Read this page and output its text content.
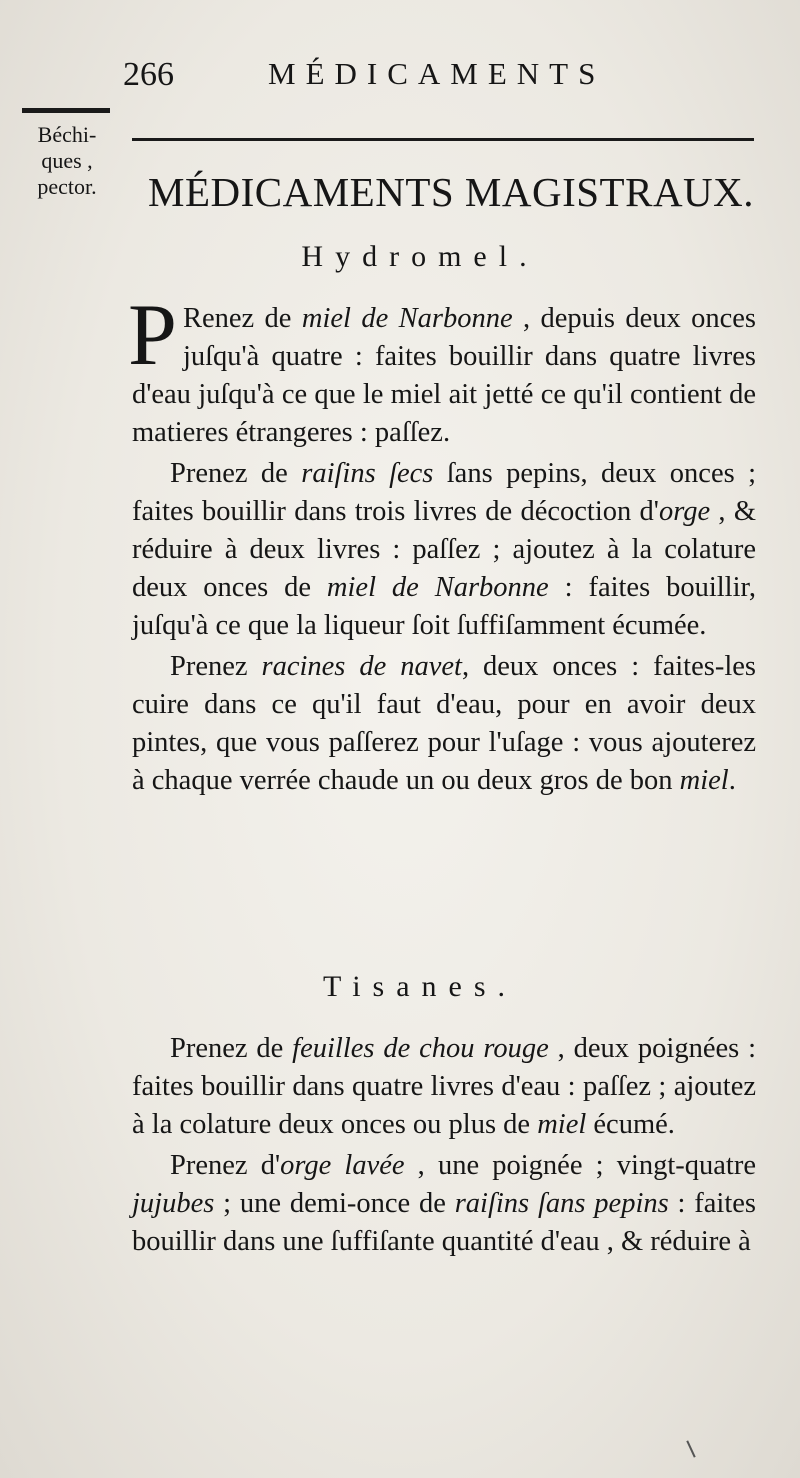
266	MÉDICAMENTS
Béchi-
ques ,
pector.	MÉDICAMENTS MAGISTRAUX.
Hydromel.

P Renez de miel de Narbonne , depuis deux onces juſqu'à quatre : faites bouillir dans quatre livres d'eau juſqu'à ce que le miel ait jetté ce qu'il contient de matieres étrangeres : paſſez.

Prenez de raiſins ſecs ſans pepins, deux onces ; faites bouillir dans trois livres de décoction d'orge , & réduire à deux livres : paſſez ; ajoutez à la colature deux onces de miel de Narbonne : faites bouillir, juſqu'à ce que la liqueur ſoit ſuffiſamment écumée.

Prenez racines de navet, deux onces : faites-les cuire dans ce qu'il faut d'eau, pour en avoir deux pintes, que vous paſſerez pour l'uſage : vous ajouterez à chaque verrée chaude un ou deux gros de bon miel.

Tisanes.

Prenez de feuilles de chou rouge , deux poignées : faites bouillir dans quatre livres d'eau : paſſez ; ajoutez à la colature deux onces ou plus de miel écumé.

Prenez d'orge lavée , une poignée ; vingt-quatre jujubes ; une demi-once de raiſins ſans pepins : faites bouillir dans une ſuffiſante quantité d'eau , & réduire à
